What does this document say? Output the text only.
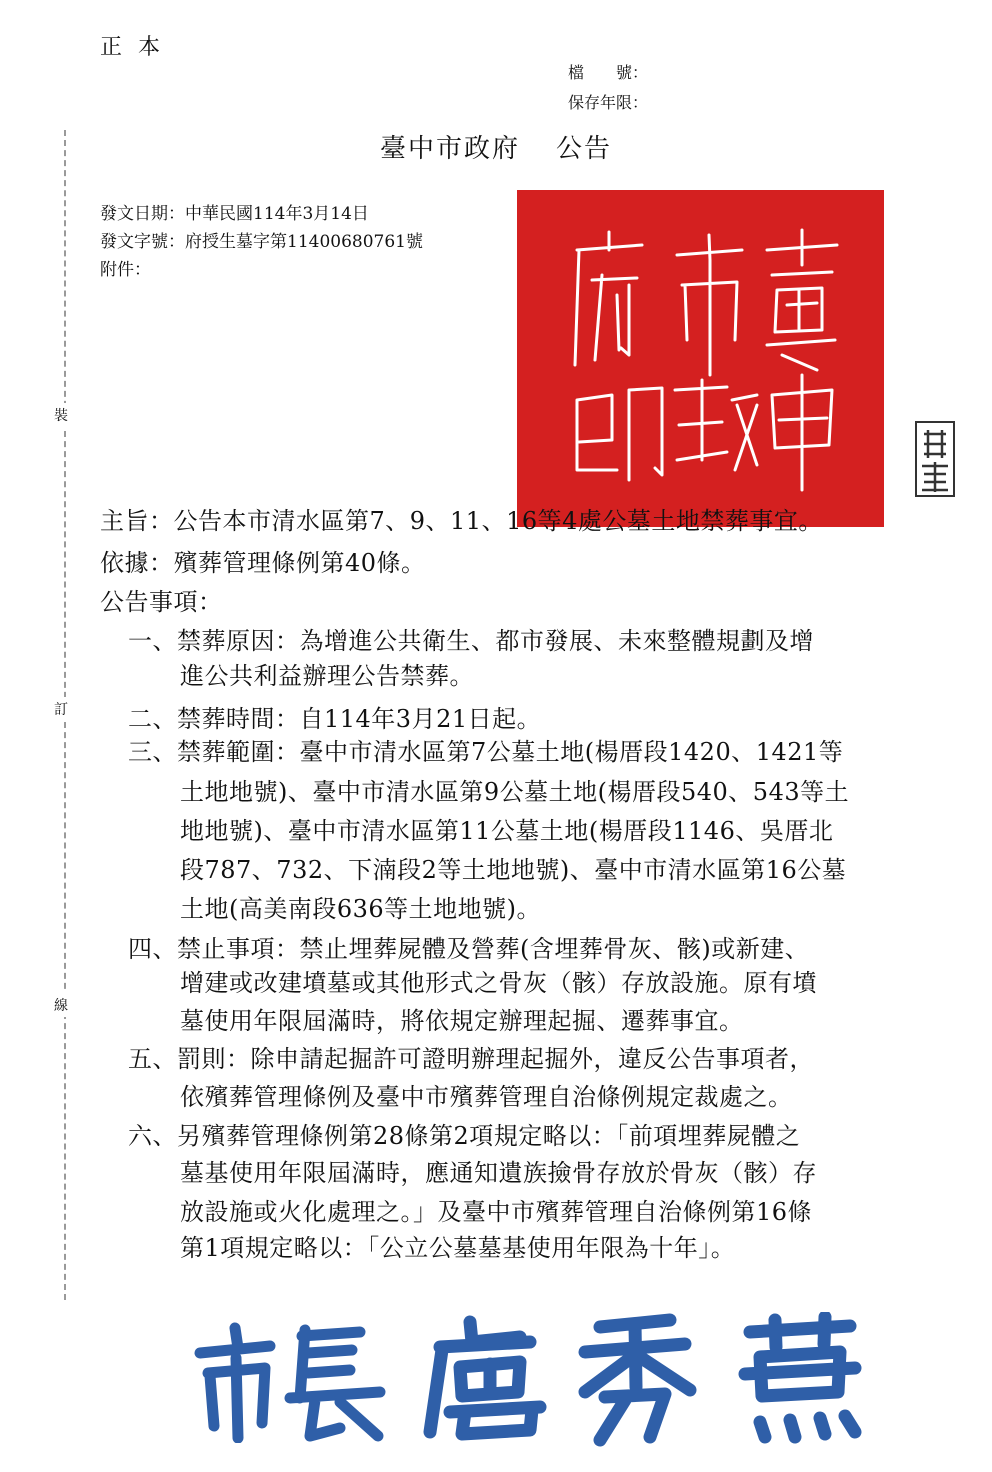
正本
檔　　號：
保存年限：
臺中市政府 公告
發文日期：中華民國114年3月14日
發文字號：府授生墓字第11400680761號
附件：
裝
訂
線
主旨：公告本市清水區第7、9、11、16等4處公墓土地禁葬事宜。
依據：殯葬管理條例第40條。
公告事項：
一、禁葬原因：為增進公共衛生、都市發展、未來整體規劃及增
進公共利益辦理公告禁葬。
二、禁葬時間：自114年3月21日起。
三、禁葬範圍：臺中市清水區第7公墓土地(楊厝段1420、1421等
土地地號)、臺中市清水區第9公墓土地(楊厝段540、543等土
地地號)、臺中市清水區第11公墓土地(楊厝段1146、吳厝北
段787、732、下湳段2等土地地號)、臺中市清水區第16公墓
土地(高美南段636等土地地號)。
四、禁止事項：禁止埋葬屍體及營葬(含埋葬骨灰、骸)或新建、
增建或改建墳墓或其他形式之骨灰（骸）存放設施。原有墳
墓使用年限屆滿時，將依規定辦理起掘、遷葬事宜。
五、罰則：除申請起掘許可證明辦理起掘外，違反公告事項者，
依殯葬管理條例及臺中市殯葬管理自治條例規定裁處之。
六、另殯葬管理條例第28條第2項規定略以：「前項埋葬屍體之
墓基使用年限屆滿時，應通知遺族撿骨存放於骨灰（骸）存
放設施或火化處理之。」及臺中市殯葬管理自治條例第16條
第1項規定略以：「公立公墓墓基使用年限為十年」。
